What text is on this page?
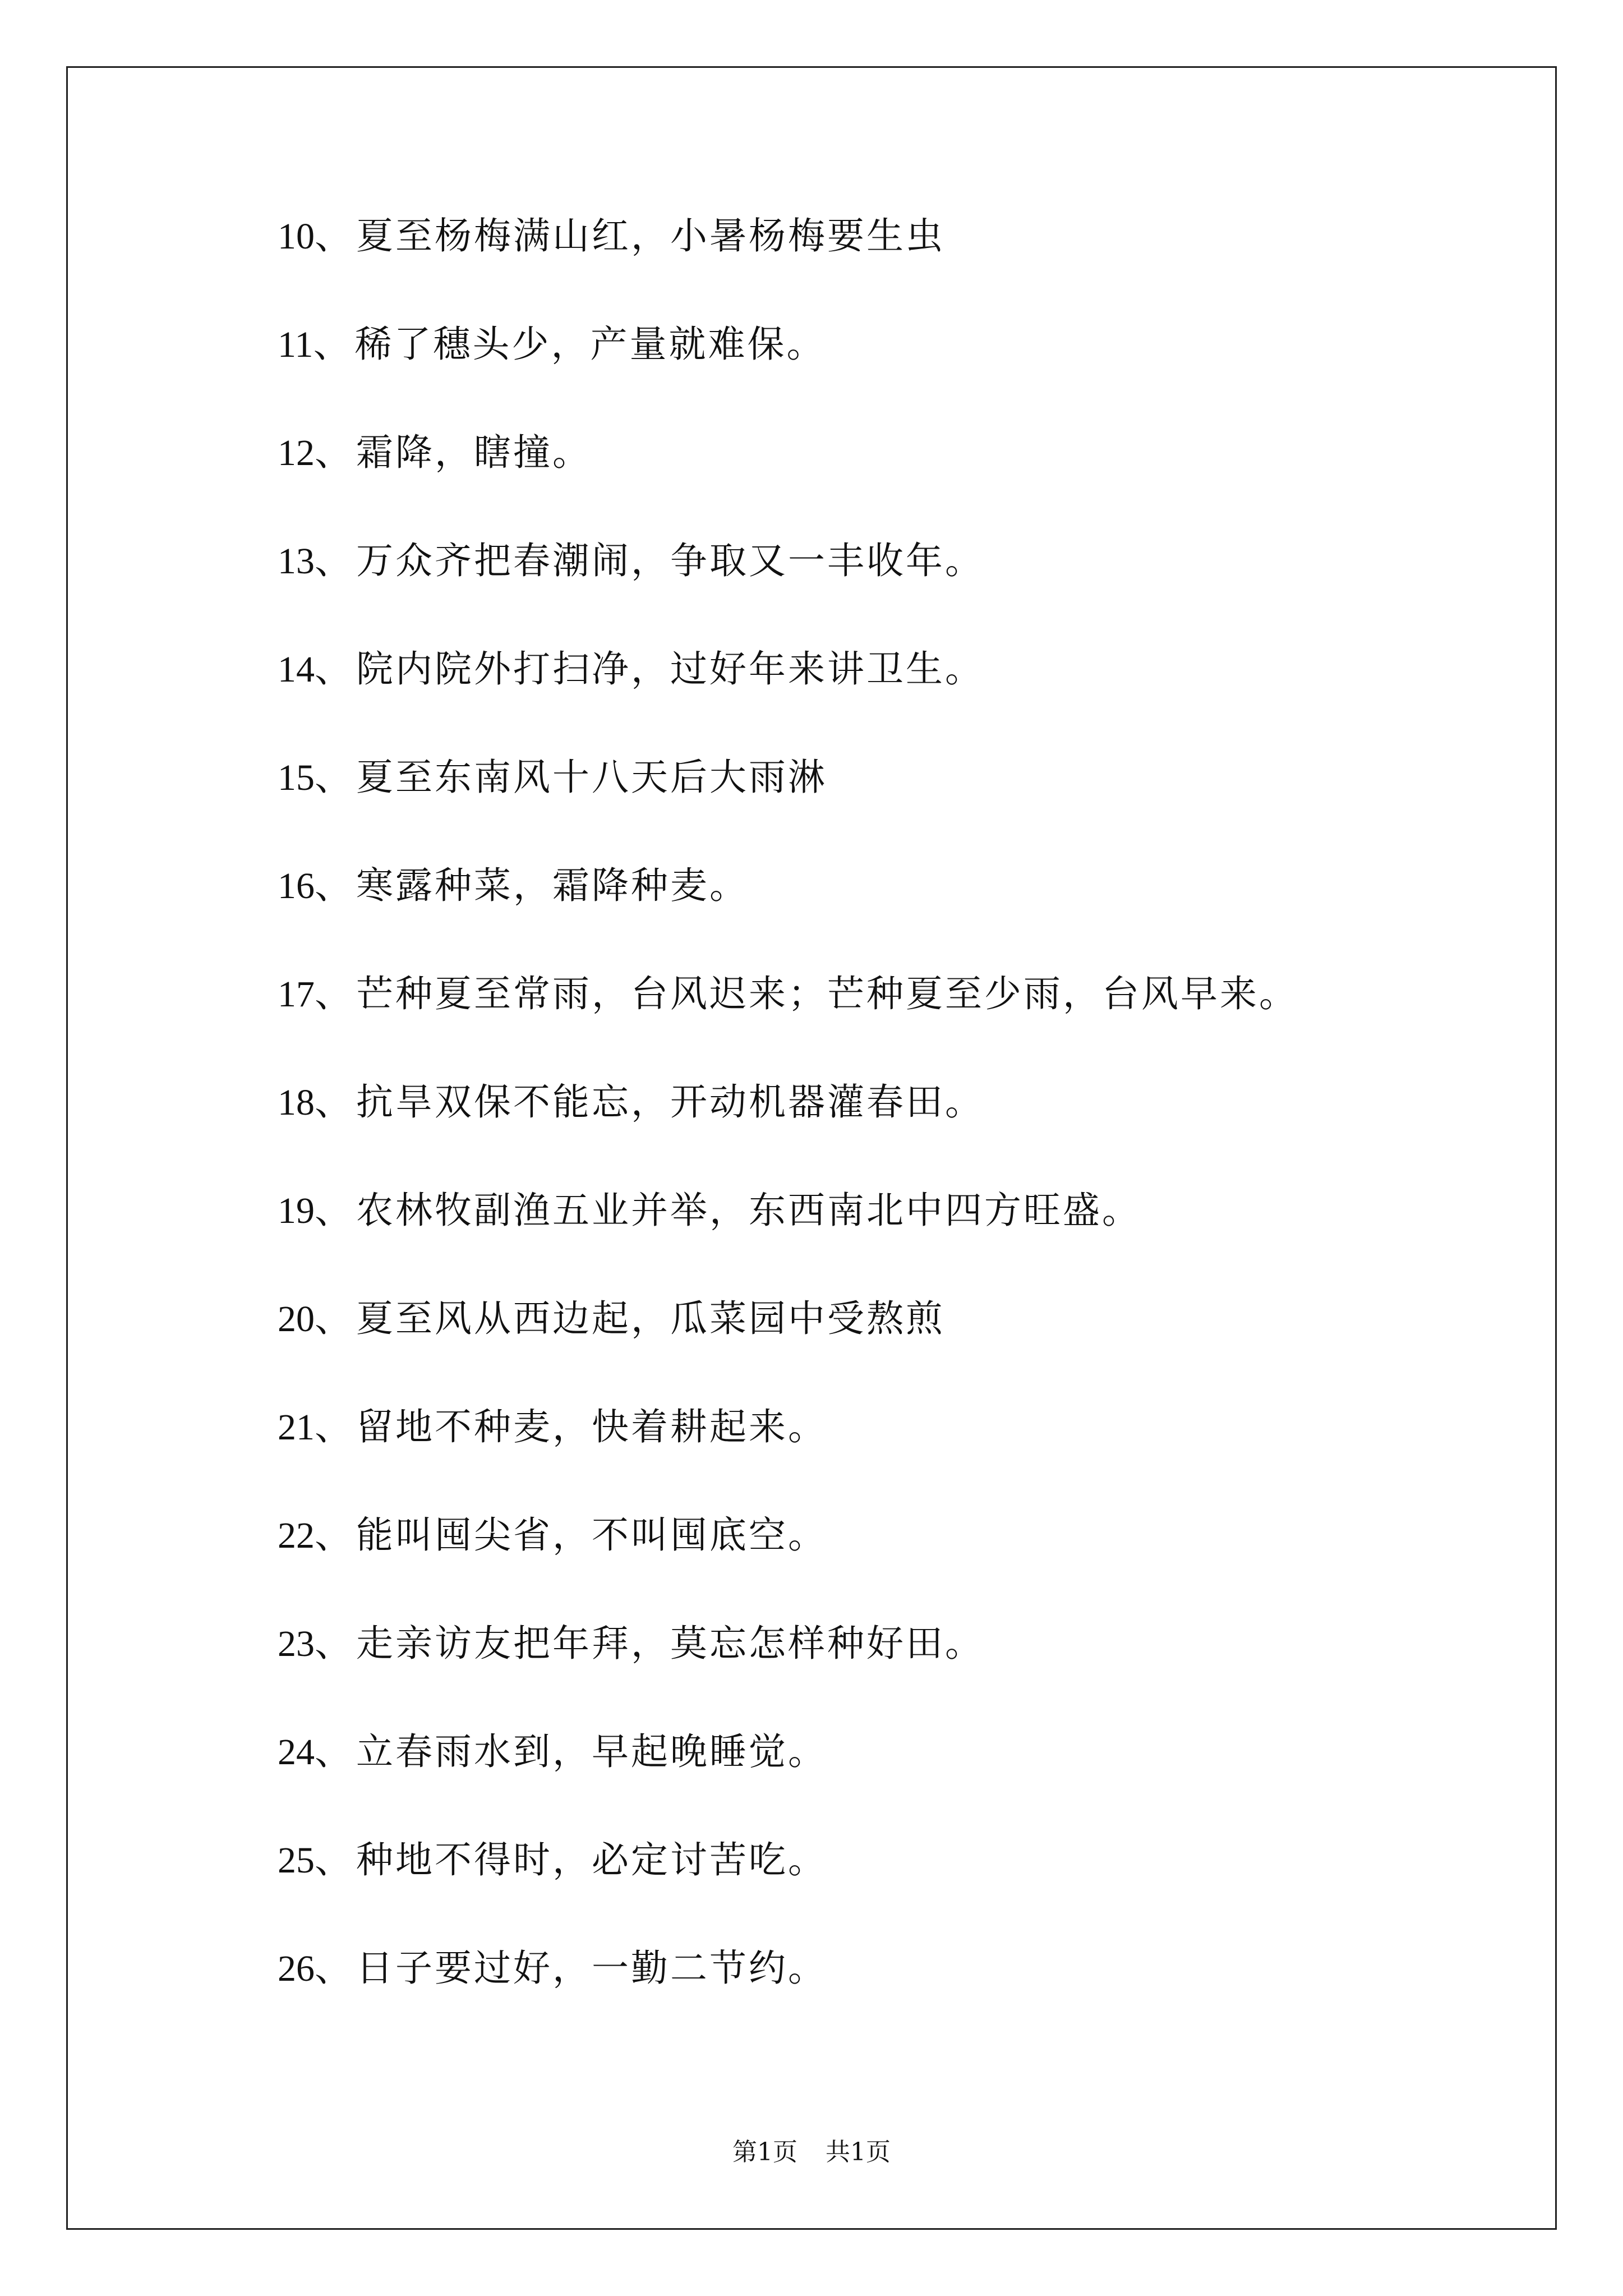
10 、 夏至杨梅满山红，小暑杨梅要生虫
11 、 稀了穗头少，产量就难保。
12 、 霜降，瞎撞。
13 、 万众齐把春潮闹，争取又一丰收年。
14 、 院内院外打扫净，过好年来讲卫生。
15 、 夏至东南风十八天后大雨淋
16 、 寒露种菜，霜降种麦。
17 、 芒种夏至常雨，台风迟来；芒种夏至少雨，台风早来。
18 、 抗旱双保不能忘，开动机器灌春田。
19 、 农林牧副渔五业并举，东西南北中四方旺盛。
20 、 夏至风从西边起，瓜菜园中受熬煎
21 、 留地不种麦，快着耕起来。
22 、 能叫囤尖省，不叫囤底空。
23 、 走亲访友把年拜，莫忘怎样种好田。
24 、 立春雨水到，早起晚睡觉。
25 、 种地不得时，必定讨苦吃。
26 、 日子要过好，一勤二节约。
第1页 共1页
